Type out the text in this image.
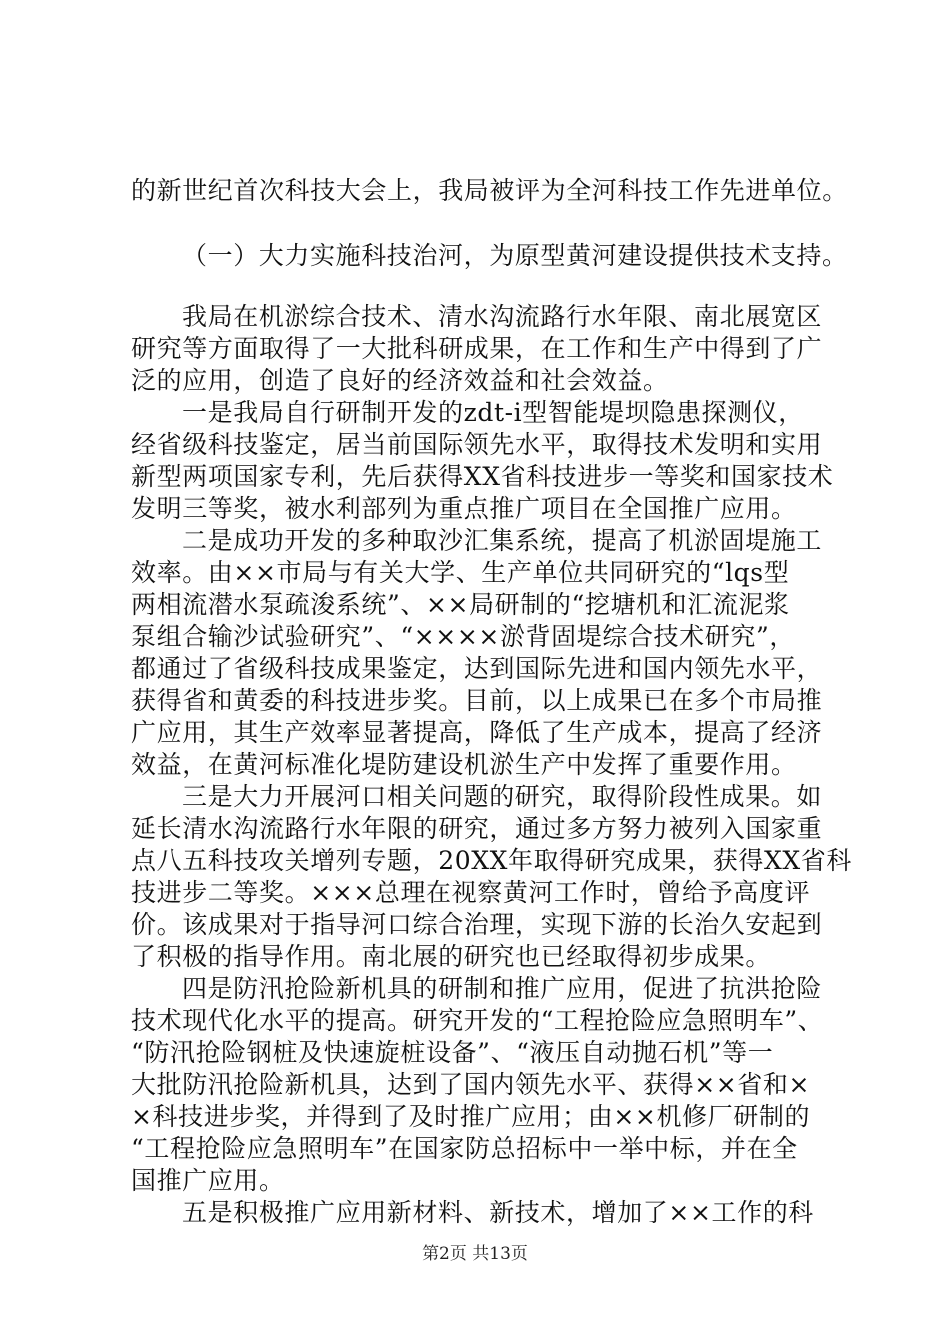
的新世纪首次科技大会上，我局被评为全河科技工作先进单位。
（一）大力实施科技治河，为原型黄河建设提供技术支持。
我局在机淤综合技术、清水沟流路行水年限、南北展宽区
研究等方面取得了一大批科研成果，在工作和生产中得到了广
泛的应用，创造了良好的经济效益和社会效益。
一是我局自行研制开发的zdt-i型智能堤坝隐患探测仪，
经省级科技鉴定，居当前国际领先水平，取得技术发明和实用
新型两项国家专利，先后获得XX省科技进步一等奖和国家技术
发明三等奖，被水利部列为重点推广项目在全国推广应用。
二是成功开发的多种取沙汇集系统，提高了机淤固堤施工
效率。由××市局与有关大学、生产单位共同研究的“lqs型
两相流潜水泵疏浚系统”、××局研制的“挖塘机和汇流泥浆
泵组合输沙试验研究”、“××××淤背固堤综合技术研究”，
都通过了省级科技成果鉴定，达到国际先进和国内领先水平，
获得省和黄委的科技进步奖。目前，以上成果已在多个市局推
广应用，其生产效率显著提高，降低了生产成本，提高了经济
效益，在黄河标准化堤防建设机淤生产中发挥了重要作用。
三是大力开展河口相关问题的研究，取得阶段性成果。如
延长清水沟流路行水年限的研究，通过多方努力被列入国家重
点八五科技攻关增列专题，20XX年取得研究成果，获得XX省科
技进步二等奖。×××总理在视察黄河工作时，曾给予高度评
价。该成果对于指导河口综合治理，实现下游的长治久安起到
了积极的指导作用。南北展的研究也已经取得初步成果。
四是防汛抢险新机具的研制和推广应用，促进了抗洪抢险
技术现代化水平的提高。研究开发的“工程抢险应急照明车”、
“防汛抢险钢桩及快速旋桩设备”、“液压自动抛石机”等一
大批防汛抢险新机具，达到了国内领先水平、获得××省和×
×科技进步奖，并得到了及时推广应用；由××机修厂研制的
“工程抢险应急照明车”在国家防总招标中一举中标，并在全
国推广应用。
五是积极推广应用新材料、新技术，增加了××工作的科
第2页 共13页
